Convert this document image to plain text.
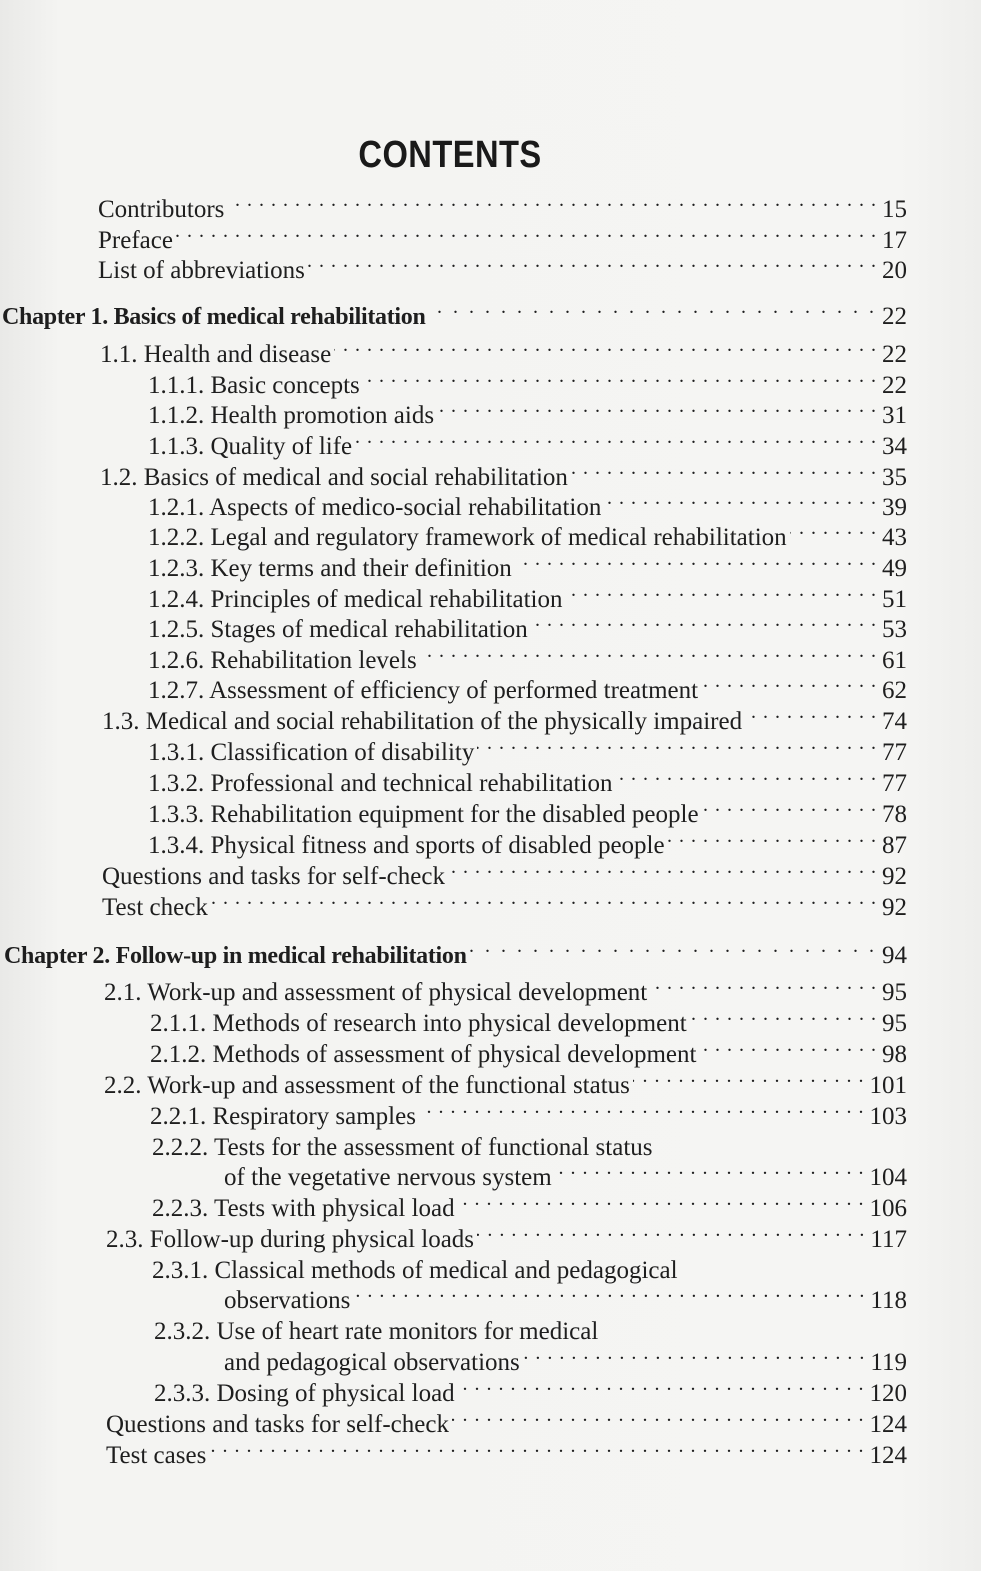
CONTENTS
Contributors . . .	15
Preface . . .	17
List of abbreviations . . .	20
Chapter 1. Basics of medical rehabilitation . . .	22
1.1. Health and disease . . .	22
1.1.1. Basic concepts . . .	22
1.1.2. Health promotion aids . . .	31
1.1.3. Quality of life . . .	34
1.2. Basics of medical and social rehabilitation . . .	35
1.2.1. Aspects of medico-social rehabilitation . . .	39
1.2.2. Legal and regulatory framework of medical rehabilitation . . .	43
1.2.3. Key terms and their definition . . .	49
1.2.4. Principles of medical rehabilitation . . .	51
1.2.5. Stages of medical rehabilitation . . .	53
1.2.6. Rehabilitation levels . . .	61
1.2.7. Assessment of efficiency of performed treatment . . .	62
1.3. Medical and social rehabilitation of the physically impaired . . .	74
1.3.1. Classification of disability . . .	77
1.3.2. Professional and technical rehabilitation . . .	77
1.3.3. Rehabilitation equipment for the disabled people . . .	78
1.3.4. Physical fitness and sports of disabled people . . .	87
Questions and tasks for self-check . . .	92
Test check . . .	92
Chapter 2. Follow-up in medical rehabilitation . . .	94
2.1. Work-up and assessment of physical development . . .	95
2.1.1. Methods of research into physical development . . .	95
2.1.2. Methods of assessment of physical development . . .	98
2.2. Work-up and assessment of the functional status . . .	101
2.2.1. Respiratory samples . . .	103
2.2.2. Tests for the assessment of functional status
of the vegetative nervous system . . .	104
2.2.3. Tests with physical load . . .	106
2.3. Follow-up during physical loads . . .	117
2.3.1. Classical methods of medical and pedagogical
observations . . .	118
2.3.2. Use of heart rate monitors for medical
and pedagogical observations . . .	119
2.3.3. Dosing of physical load . . .	120
Questions and tasks for self-check . . .	124
Test cases . . .	124
